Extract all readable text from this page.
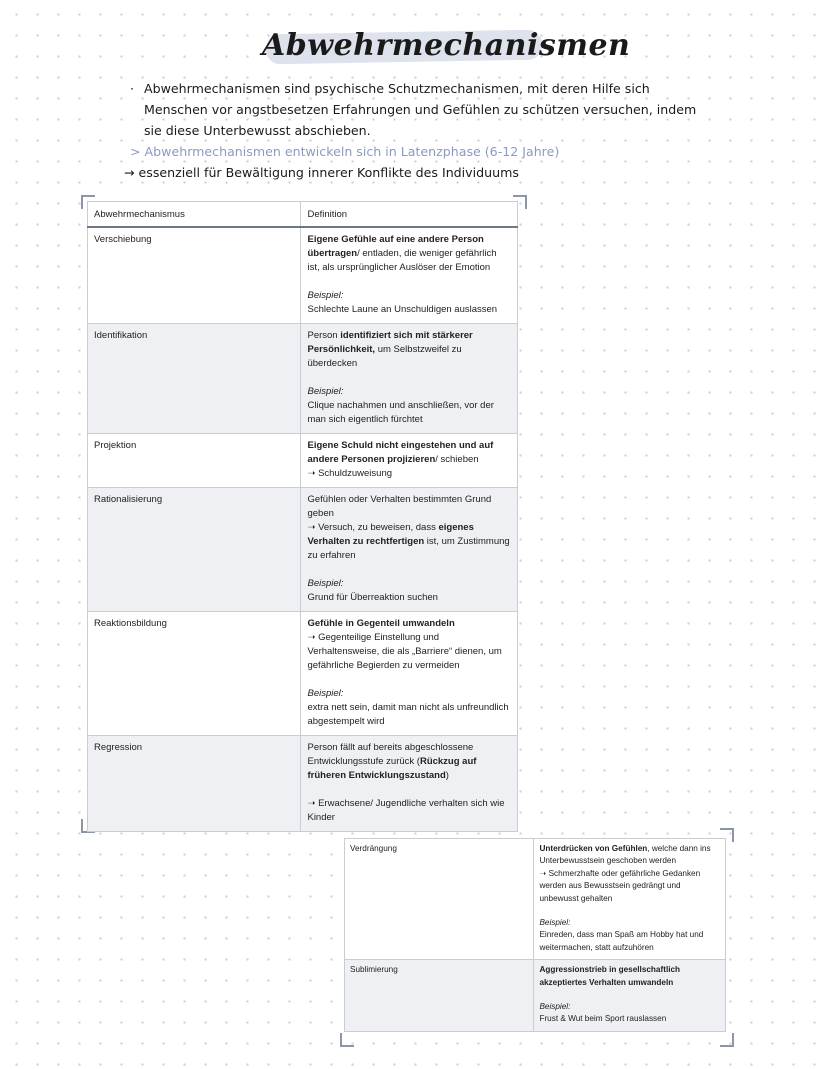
Abwehrmechanismen

· Abwehrmechanismen sind psychische Schutzmechanismen, mit deren Hilfe sich Menschen vor angstbesetzen Erfahrungen und Gefühlen zu schützen versuchen, indem sie diese Unterbewusst abschieben.

> Abwehrmechanismen entwickeln sich in Latenzphase (6-12 Jahre)

→ essenziell für Bewältigung innerer Konflikte des Individuums

Abwehrmechanismus	Definition
Verschiebung	Eigene Gefühle auf eine andere Person übertragen/ entladen, die weniger gefährlich ist, als ursprünglicher Auslöser der Emotion
Beispiel:
Schlechte Laune an Unschuldigen auslassen

Identifikation	Person identifiziert sich mit stärkerer Persönlichkeit, um Selbstzweifel zu überdecken
Beispiel:
Clique nachahmen und anschließen, vor der man sich eigentlich fürchtet

Projektion	Eigene Schuld nicht eingestehen und auf andere Personen projizieren/ schieben
➝ Schuldzuweisung

Rationalisierung	Gefühlen oder Verhalten bestimmten Grund geben
➝ Versuch, zu beweisen, dass eigenes Verhalten zu rechtfertigen ist, um Zustimmung zu erfahren
Beispiel:
Grund für Überreaktion suchen

Reaktionsbildung	Gefühle in Gegenteil umwandeln
➝ Gegenteilige Einstellung und Verhaltensweise, die als „Barriere“ dienen, um gefährliche Begierden zu vermeiden
Beispiel:
extra nett sein, damit man nicht als unfreundlich abgestempelt wird

Regression	Person fällt auf bereits abgeschlossene Entwicklungsstufe zurück (Rückzug auf früheren Entwicklungszustand)
➝ Erwachsene/ Jugendliche verhalten sich wie Kinder
Verdrängung	Unterdrücken von Gefühlen, welche dann ins Unterbewusstsein geschoben werden
➝ Schmerzhafte oder gefährliche Gedanken werden aus Bewusstsein gedrängt und unbewusst gehalten
Beispiel:
Einreden, dass man Spaß am Hobby hat und weitermachen, statt aufzuhören

Sublimierung	Aggressionstrieb in gesellschaftlich akzeptiertes Verhalten umwandeln
Beispiel:
Frust & Wut beim Sport rauslassen
